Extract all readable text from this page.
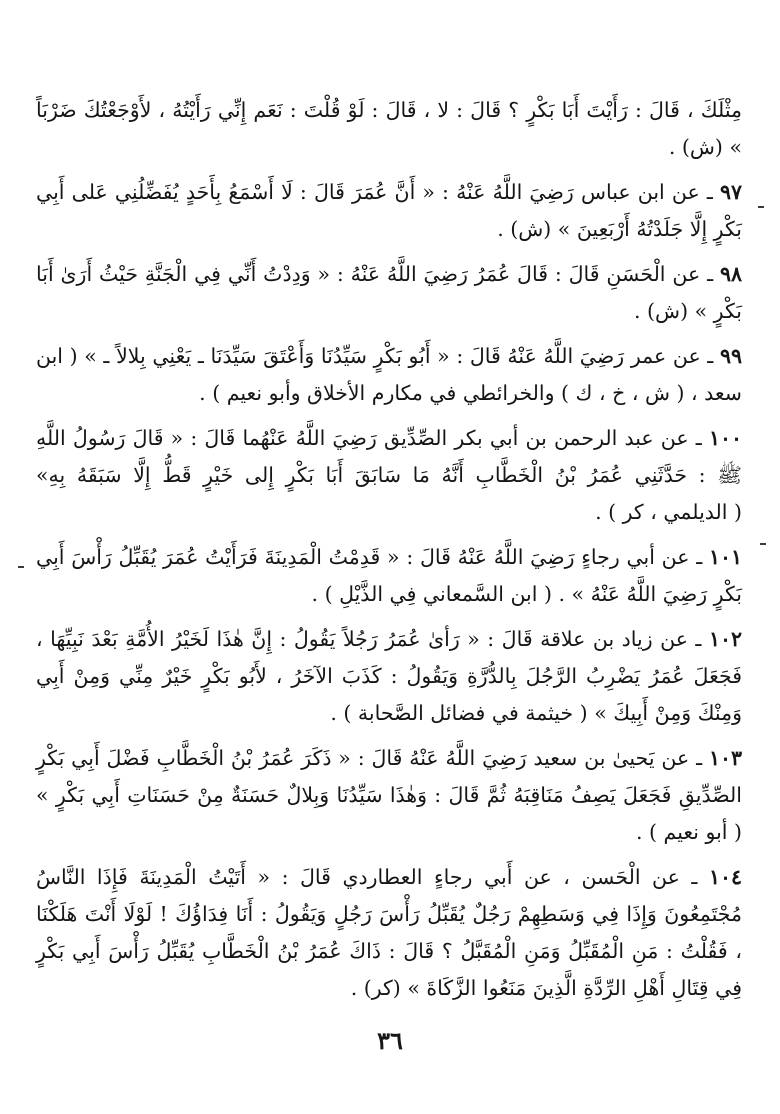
مِثْلَكَ ، قَالَ : رَأَيْتَ أَبَا بَكْرٍ ؟ قَالَ : لا ، قَالَ : لَوْ قُلْتَ : نَعَم إِنِّي رَأَيْتُهُ ، لأَوْجَعْتُكَ ضَرْبَاً » (ش) .

٩٧ ـ عن ابن عباس رَضِيَ اللَّهُ عَنْهُ : « أَنَّ عُمَرَ قَالَ : لَا أَسْمَعُ بِأَحَدٍ يُفَضِّلُنِي عَلى أَبِي بَكْرٍ إِلَّا جَلَدْتُهُ أَرْبَعِينَ » (ش) .

٩٨ ـ عن الْحَسَنِ قَالَ : قَالَ عُمَرُ رَضِيَ اللَّهُ عَنْهُ : « وَدِدْتُ أَنِّي فِي الْجَنَّةِ حَيْثُ أَرَىٰ أَبَا بَكْرٍ » (ش) .

٩٩ ـ عن عمر رَضِيَ اللَّهُ عَنْهُ قَالَ : « أَبُو بَكْرٍ سَيِّدُنَا وَأَعْتَقَ سَيِّدَنَا ـ يَعْنِي بِلالاً ـ » ( ابن سعد ، ( ش ، خ ، ك ) والخرائطي في مكارم الأخلاق وأبو نعيم ) .

١٠٠ ـ عن عبد الرحمن بن أبي بكر الصِّدِّيق رَضِيَ اللَّهُ عَنْهُما قَالَ : « قَالَ رَسُولُ اللَّهِ ﷺ : حَدَّثَنِي عُمَرُ بْنُ الْخَطَّابِ أَنَّهُ مَا سَابَقَ أَبَا بَكْرٍ إِلى خَيْرٍ قَطُّ إِلَّا سَبَقَهُ بِهِ» ( الديلمي ، كر ) .

١٠١ ـ عن أبي رجاءٍ رَضِيَ اللَّهُ عَنْهُ قَالَ : « قَدِمْتُ الْمَدِينَةَ فَرَأَيْتُ عُمَرَ يُقَبِّلُ رَأْسَ أَبِي بَكْرٍ رَضِيَ اللَّهُ عَنْهُ » . ( ابن السَّمعاني فِي الذَّيْلِ ) .

١٠٢ ـ عن زياد بن علاقة قَالَ : « رَأىٰ عُمَرُ رَجُلاً يَقُولُ : إِنَّ هٰذَا لَخَيْرُ الأُمَّةِ بَعْدَ نَبِيِّهَا ، فَجَعَلَ عُمَرُ يَضْرِبُ الرَّجُلَ بِالدُّرَّةِ وَيَقُولُ : كَذَبَ الآخَرُ ، لأَبُو بَكْرٍ خَيْرٌ مِنِّي وَمِنْ أَبِي وَمِنْكَ وَمِنْ أَبِيكَ » ( خيثمة في فضائل الصَّحابة ) .

١٠٣ ـ عن يَحيىٰ بن سعيد رَضِيَ اللَّهُ عَنْهُ قَالَ : « ذَكَرَ عُمَرُ بْنُ الْخَطَّابِ فَضْلَ أَبِي بَكْرٍ الصِّدِّيقِ فَجَعَلَ يَصِفُ مَنَاقِبَهُ ثُمَّ قَالَ : وَهٰذَا سَيِّدُنَا وَبِلالٌ حَسَنَةٌ مِنْ حَسَنَاتِ أَبِي بَكْرٍ » ( أبو نعيم ) .

١٠٤ ـ عن الْحَسن ، عن أَبي رجاءٍ العطاردي قَالَ : « أَتَيْتُ الْمَدِينَةَ فَإِذَا النَّاسُ مُجْتَمِعُونَ وَإِذَا فِي وَسَطِهِمْ رَجُلٌ يُقَبِّلُ رَأْسَ رَجُلٍ وَيَقُولُ : أَنَا فِدَاؤُكَ ! لَوْلَا أَنْتَ هَلَكْنَا ، فَقُلْتُ : مَنِ الْمُقَبِّلُ وَمَنِ الْمُقَبَّلُ ؟ قَالَ : ذَاكَ عُمَرُ بْنُ الْخَطَّابِ يُقَبِّلُ رَأْسَ أَبِي بَكْرٍ فِي قِتَالِ أَهْلِ الرِّدَّةِ الَّذِينَ مَنَعُوا الزَّكَاةَ » (كر) .

٣٦
